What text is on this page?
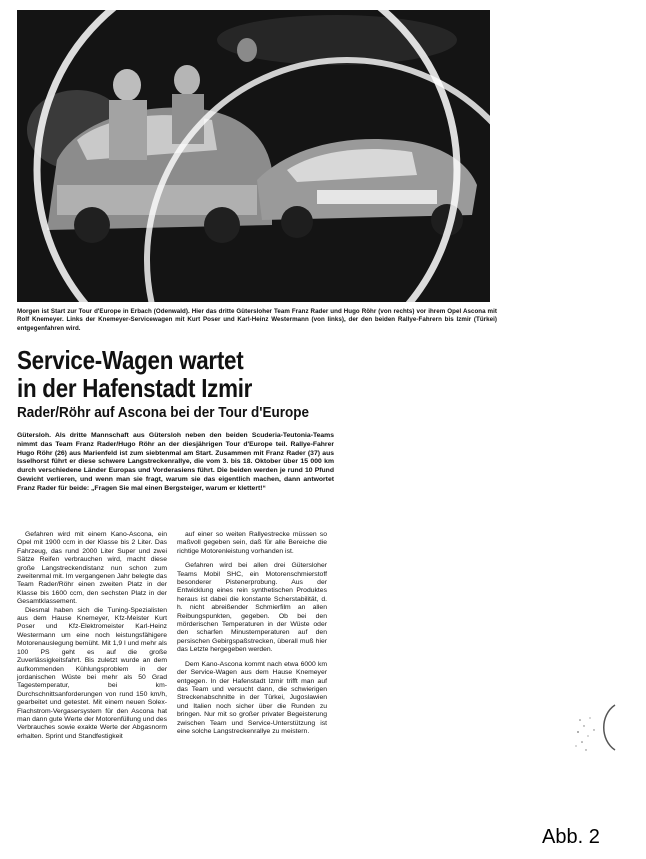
Morgen ist Start zur Tour d'Europe in Erbach (Odenwald). Hier das dritte Gütersloher Team Franz Rader und Hugo Röhr (von rechts) vor ihrem Opel Ascona mit Rolf Knemeyer. Links der Knemeyer-Servicewagen mit Kurt Poser und Karl-Heinz Westermann (von links), der den beiden Rallye-Fahrern bis Izmir (Türkei) entgegenfahren wird.
Service-Wagen wartet
in der Hafenstadt Izmir
Rader/Röhr auf Ascona bei der Tour d'Europe
Gütersloh. Als dritte Mannschaft aus Gütersloh neben den beiden Scuderia-Teutonia-Teams nimmt das Team Franz Rader/Hugo Röhr an der diesjährigen Tour d'Europe teil. Rallye-Fahrer Hugo Röhr (26) aus Marienfeld ist zum siebtenmal am Start. Zusammen mit Franz Rader (37) aus Isselhorst führt er diese schwere Langstreckenrallye, die vom 3. bis 18. Oktober über 15 000 km durch verschiedene Länder Europas und Vorderasiens führt. Die beiden werden je rund 10 Pfund Gewicht verlieren, und wenn man sie fragt, warum sie das eigentlich machen, dann antwortet Franz Rader für beide: „Fragen Sie mal einen Bergsteiger, warum er klettert!“

Gefahren wird mit einem Kano-Ascona, ein Opel mit 1900 ccm in der Klasse bis 2 Liter. Das Fahrzeug, das rund 2000 Liter Super und zwei Sätze Reifen verbrauchen wird, macht diese große Langstreckendistanz nun schon zum zweitenmal mit. Im vergangenen Jahr belegte das Team Rader/Röhr einen zweiten Platz in der Klasse bis 1600 ccm, den sechsten Platz in der Gesamtklassement.

Diesmal haben sich die Tuning-Spezialisten aus dem Hause Knemeyer, Kfz-Meister Kurt Poser und Kfz-Elektromeister Karl-Heinz Westermann um eine noch leistungsfähigere Motorenauslegung bemüht. Mit 1,9 l und mehr als 100 PS geht es auf die große Zuverlässigkeitsfahrt. Bis zuletzt wurde an dem aufkommenden Kühlungsproblem in der jordanischen Wüste bei mehr als 50 Grad Tagestemperatur, bei km-Durchschnittsanforderungen von rund 150 km/h, gearbeitet und getestet. Mit einem neuen Solex-Flachstrom-Vergasersystem für den Ascona hat man dann gute Werte der Motorenfüllung und des Verbrauches sowie exakte Werte der Abgasnorm erhalten. Sprint und Standfestigkeit

auf einer so weiten Rallyestrecke müssen so maßvoll gegeben sein, daß für alle Bereiche die richtige Motorenleistung vorhanden ist.

Gefahren wird bei allen drei Gütersloher Teams Mobil SHC, ein Motorenschmierstoff besonderer Pistenerprobung. Aus der Entwicklung eines rein synthetischen Produktes heraus ist dabei die konstante Scherstabilität, d. h. nicht abreißender Schmierfilm an allen Reibungspunkten, gegeben. Ob bei den mörderischen Temperaturen in der Wüste oder den scharfen Minustemperaturen auf den persischen Gebirgspaßstrecken, überall muß hier das Letzte hergegeben werden.

Dem Kano-Ascona kommt nach etwa 6000 km der Service-Wagen aus dem Hause Knemeyer entgegen. In der Hafenstadt Izmir trifft man auf das Team und versucht dann, die schwierigen Streckenabschnitte in der Türkei, Jugoslawien und Italien noch sicher über die Runden zu bringen. Nur mit so großer privater Begeisterung zwischen Team und Service-Unterstützung ist eine solche Langstreckenrallye zu meistern.

Abb. 2
